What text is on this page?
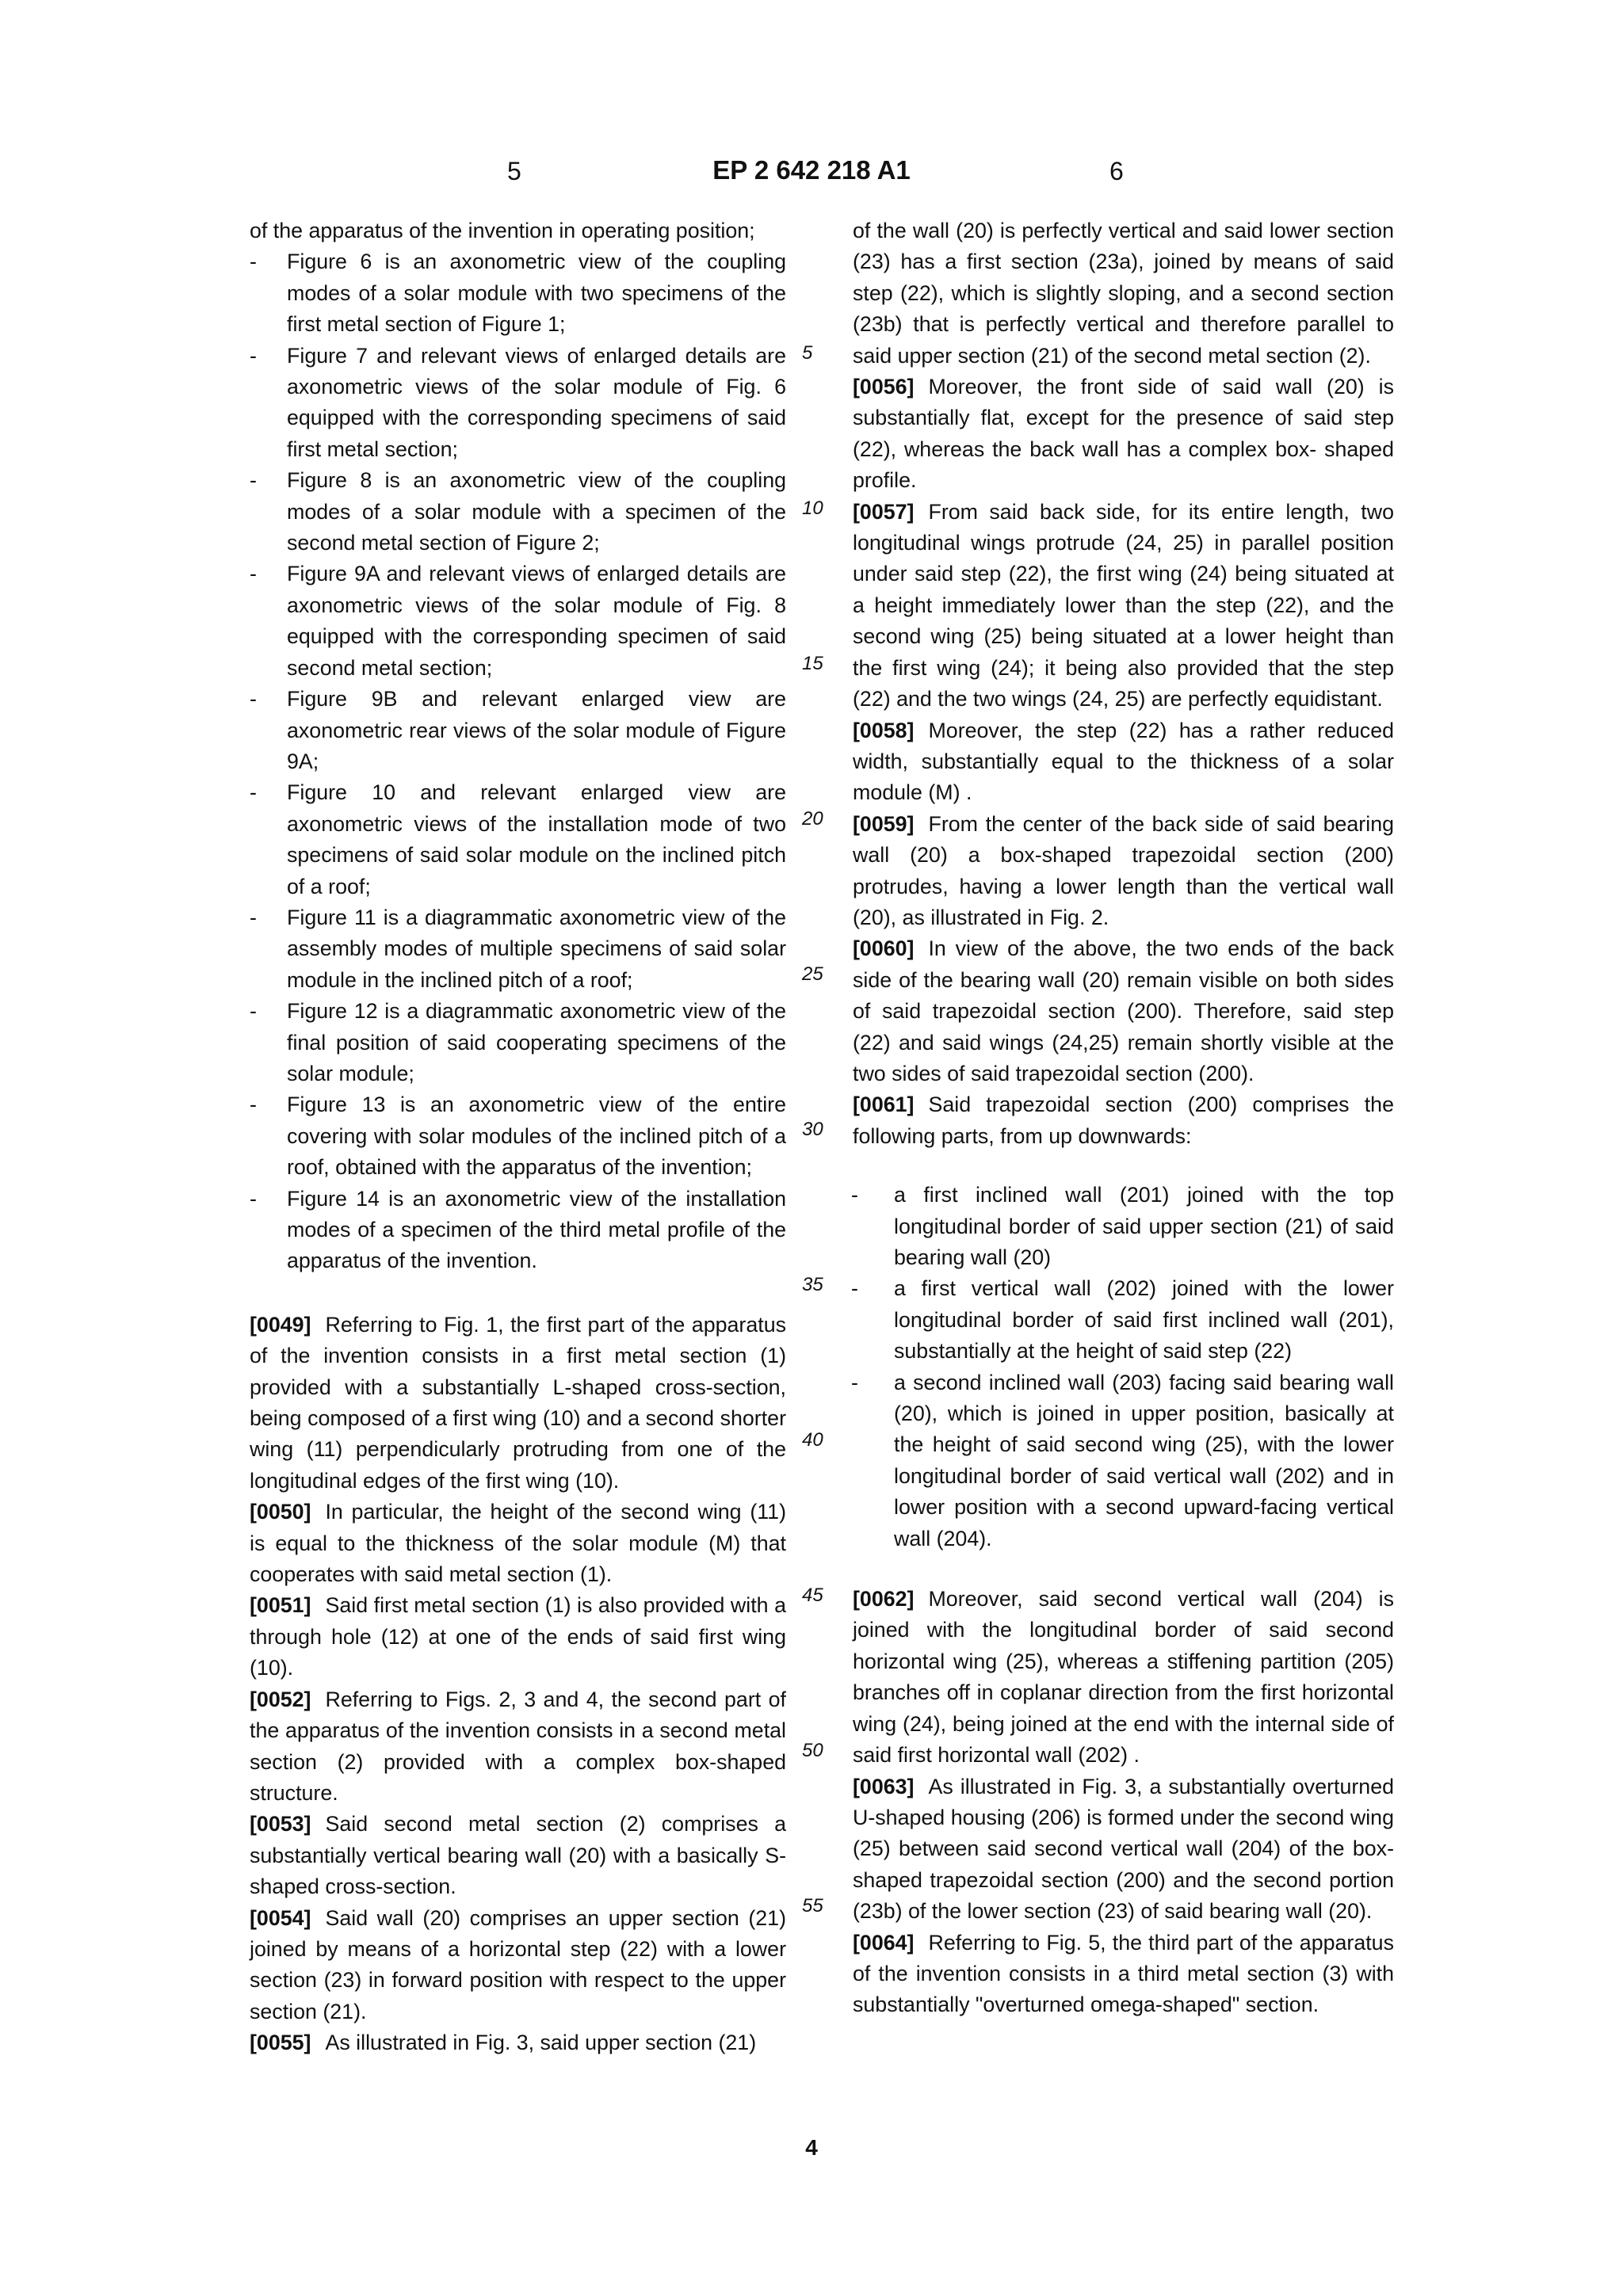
5	EP 2 642 218 A1	6

of the apparatus of the invention in operating position;

- Figure 6 is an axonometric view of the coupling modes of a solar module with two specimens of the first metal section of Figure 1;
- Figure 7 and relevant views of enlarged details are axonometric views of the solar module of Fig. 6 equipped with the corresponding specimens of said first metal section;
- Figure 8 is an axonometric view of the coupling modes of a solar module with a specimen of the second metal section of Figure 2;
- Figure 9A and relevant views of enlarged details are axonometric views of the solar module of Fig. 8 equipped with the corresponding specimen of said second metal section;
- Figure 9B and relevant enlarged view are axonometric rear views of the solar module of Figure 9A;
- Figure 10 and relevant enlarged view are axonometric views of the installation mode of two specimens of said solar module on the inclined pitch of a roof;
- Figure 11 is a diagrammatic axonometric view of the assembly modes of multiple specimens of said solar module in the inclined pitch of a roof;
- Figure 12 is a diagrammatic axonometric view of the final position of said cooperating specimens of the solar module;
- Figure 13 is an axonometric view of the entire covering with solar modules of the inclined pitch of a roof, obtained with the apparatus of the invention;
- Figure 14 is an axonometric view of the installation modes of a specimen of the third metal profile of the apparatus of the invention.

[0049] Referring to Fig. 1, the first part of the apparatus of the invention consists in a first metal section (1) provided with a substantially L-shaped cross-section, being composed of a first wing (10) and a second shorter wing (11) perpendicularly protruding from one of the longitudinal edges of the first wing (10).

[0050] In particular, the height of the second wing (11) is equal to the thickness of the solar module (M) that cooperates with said metal section (1).

[0051] Said first metal section (1) is also provided with a through hole (12) at one of the ends of said first wing (10).

[0052] Referring to Figs. 2, 3 and 4, the second part of the apparatus of the invention consists in a second metal section (2) provided with a complex box-shaped structure.

[0053] Said second metal section (2) comprises a substantially vertical bearing wall (20) with a basically S-shaped cross-section.

[0054] Said wall (20) comprises an upper section (21) joined by means of a horizontal step (22) with a lower section (23) in forward position with respect to the upper section (21).

[0055] As illustrated in Fig. 3, said upper section (21)

5
10
15
20
25
30
35
40
45
50
55

of the wall (20) is perfectly vertical and said lower section (23) has a first section (23a), joined by means of said step (22), which is slightly sloping, and a second section (23b) that is perfectly vertical and therefore parallel to said upper section (21) of the second metal section (2).

[0056] Moreover, the front side of said wall (20) is substantially flat, except for the presence of said step (22), whereas the back wall has a complex box- shaped profile.

[0057] From said back side, for its entire length, two longitudinal wings protrude (24, 25) in parallel position under said step (22), the first wing (24) being situated at a height immediately lower than the step (22), and the second wing (25) being situated at a lower height than the first wing (24); it being also provided that the step (22) and the two wings (24, 25) are perfectly equidistant.

[0058] Moreover, the step (22) has a rather reduced width, substantially equal to the thickness of a solar module (M) .

[0059] From the center of the back side of said bearing wall (20) a box-shaped trapezoidal section (200) protrudes, having a lower length than the vertical wall (20), as illustrated in Fig. 2.

[0060] In view of the above, the two ends of the back side of the bearing wall (20) remain visible on both sides of said trapezoidal section (200). Therefore, said step (22) and said wings (24,25) remain shortly visible at the two sides of said trapezoidal section (200).

[0061] Said trapezoidal section (200) comprises the following parts, from up downwards:

- a first inclined wall (201) joined with the top longitudinal border of said upper section (21) of said bearing wall (20)
- a first vertical wall (202) joined with the lower longitudinal border of said first inclined wall (201), substantially at the height of said step (22)
- a second inclined wall (203) facing said bearing wall (20), which is joined in upper position, basically at the height of said second wing (25), with the lower longitudinal border of said vertical wall (202) and in lower position with a second upward-facing vertical wall (204).

[0062] Moreover, said second vertical wall (204) is joined with the longitudinal border of said second horizontal wing (25), whereas a stiffening partition (205) branches off in coplanar direction from the first horizontal wing (24), being joined at the end with the internal side of said first horizontal wall (202) .

[0063] As illustrated in Fig. 3, a substantially overturned U-shaped housing (206) is formed under the second wing (25) between said second vertical wall (204) of the box-shaped trapezoidal section (200) and the second portion (23b) of the lower section (23) of said bearing wall (20).

[0064] Referring to Fig. 5, the third part of the apparatus of the invention consists in a third metal section (3) with substantially "overturned omega-shaped" section.

4
